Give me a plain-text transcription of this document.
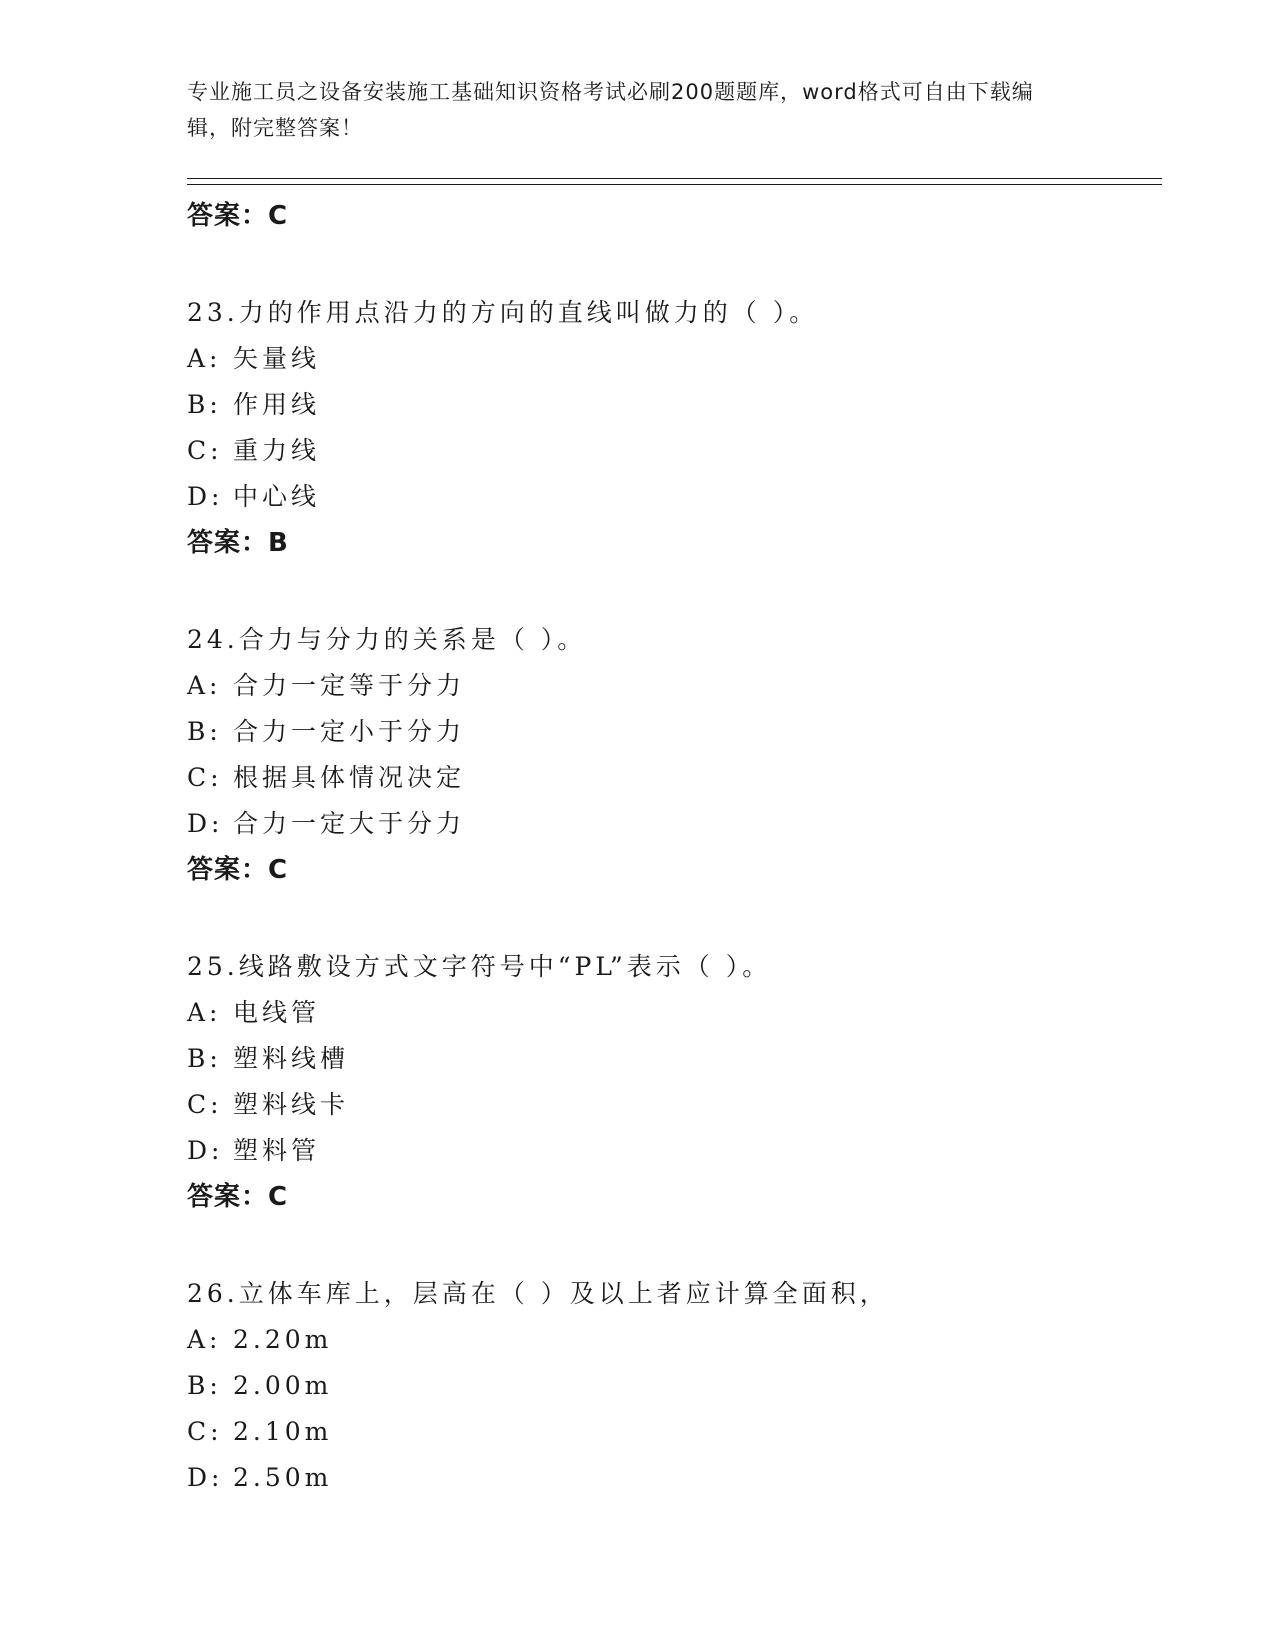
专业施工员之设备安装施工基础知识资格考试必刷200题题库，word格式可自由下载编辑，附完整答案！

答案：C

23.力的作用点沿力的方向的直线叫做力的（ ）。

A: 矢量线

B: 作用线

C: 重力线

D: 中心线

答案：B

24.合力与分力的关系是（ ）。

A: 合力一定等于分力

B: 合力一定小于分力

C: 根据具体情况决定

D: 合力一定大于分力

答案：C

25.线路敷设方式文字符号中“PL”表示（ ）。

A: 电线管

B: 塑料线槽

C: 塑料线卡

D: 塑料管

答案：C

26.立体车库上，层高在（ ）及以上者应计算全面积，

A: 2.20m

B: 2.00m

C: 2.10m

D: 2.50m
